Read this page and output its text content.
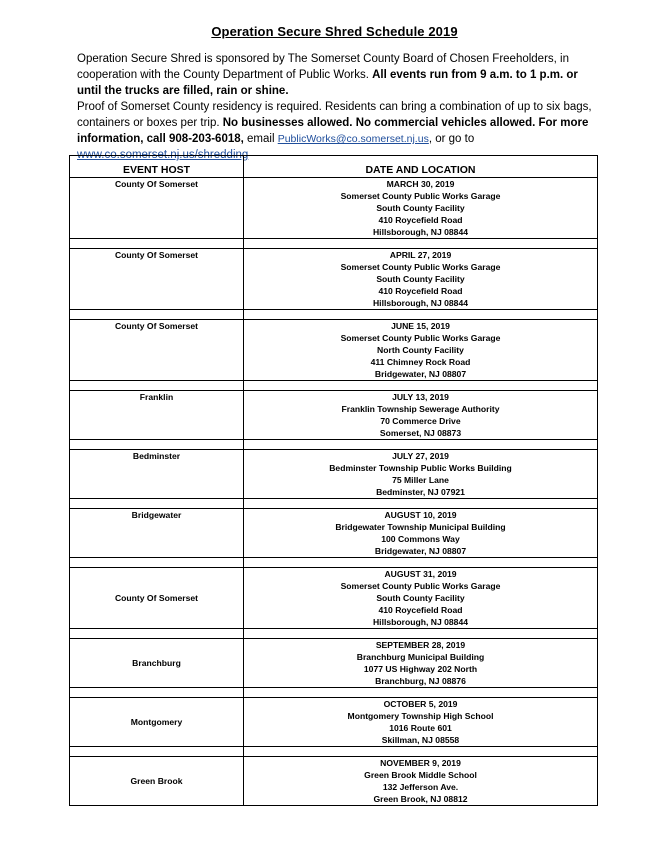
Operation Secure Shred Schedule 2019
Operation Secure Shred is sponsored by The Somerset County Board of Chosen Freeholders, in cooperation with the County Department of Public Works. All events run from 9 a.m. to 1 p.m. or until the trucks are filled, rain or shine.
Proof of Somerset County residency is required. Residents can bring a combination of up to six bags, containers or boxes per trip. No businesses allowed. No commercial vehicles allowed. For more information, call 908-203-6018, email PublicWorks@co.somerset.nj.us, or go to www.co.somerset.nj.us/shredding
EVENT HOST	DATE AND LOCATION

County Of Somerset	MARCH 30, 2019
Somerset County Public Works Garage
South County Facility
410 Roycefield Road
Hillsborough, NJ 08844

County Of Somerset	APRIL 27, 2019
Somerset County Public Works Garage
South County Facility
410 Roycefield Road
Hillsborough, NJ 08844

County Of Somerset	JUNE 15, 2019
Somerset County Public Works Garage
North County Facility
411 Chimney Rock Road
Bridgewater, NJ 08807

Franklin	JULY 13, 2019
Franklin Township Sewerage Authority
70 Commerce Drive
Somerset, NJ 08873

Bedminster	JULY 27, 2019
Bedminster Township Public Works Building
75 Miller Lane
Bedminster, NJ 07921

Bridgewater	AUGUST 10, 2019
Bridgewater Township Municipal Building
100 Commons Way
Bridgewater, NJ 08807

County Of Somerset	AUGUST 31, 2019
Somerset County Public Works Garage
South County Facility
410 Roycefield Road
Hillsborough, NJ 08844

Branchburg	SEPTEMBER 28, 2019
Branchburg Municipal Building
1077 US Highway 202 North
Branchburg, NJ 08876

Montgomery	OCTOBER 5, 2019
Montgomery Township High School
1016 Route 601
Skillman, NJ 08558

Green Brook	NOVEMBER 9, 2019
Green Brook Middle School
132 Jefferson Ave.
Green Brook, NJ 08812
